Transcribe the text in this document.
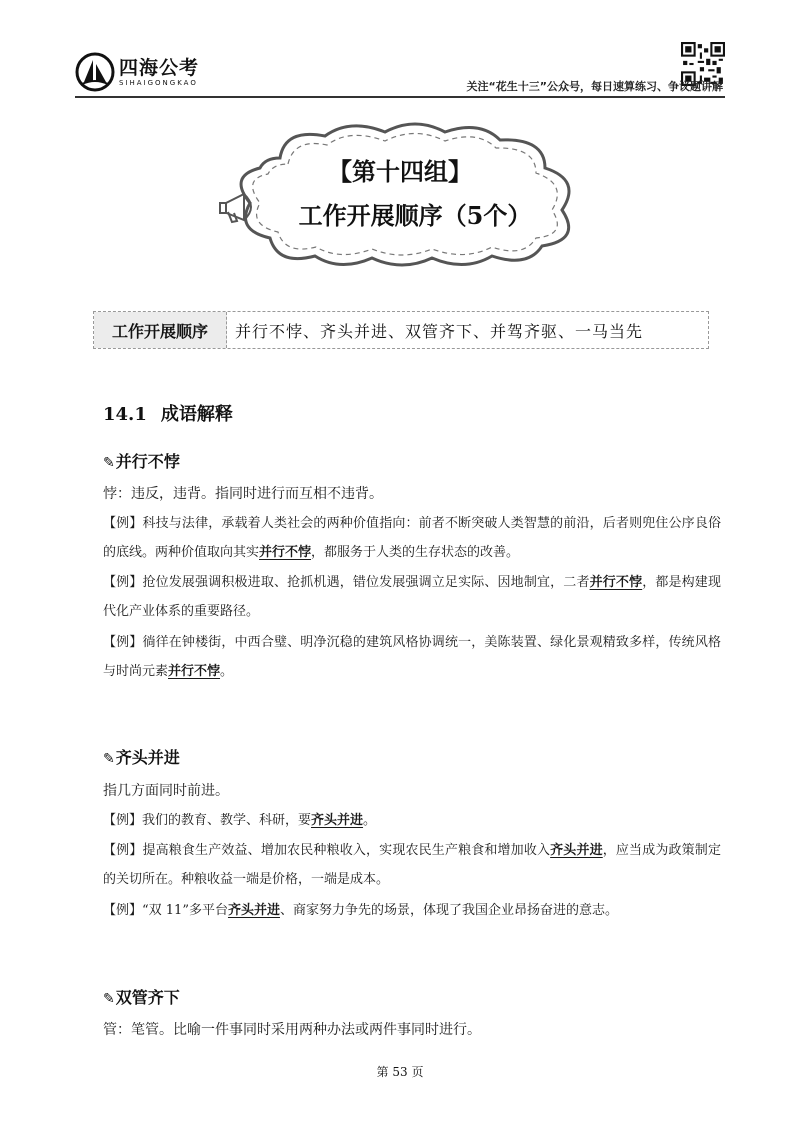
四海公考
SIHAIGONGKAO	关注“花生十三”公众号，每日速算练习、争议题讲解
【第十四组】
工作开展顺序（5个）
工作开展顺序	并行不悖、齐头并进、双管齐下、并驾齐驱、一马当先
14.1 成语解释
✎并行不悖
悖：违反，违背。指同时进行而互相不违背。
【例】科技与法律，承载着人类社会的两种价值指向：前者不断突破人类智慧的前沿，后者则兜住公序良俗的底线。两种价值取向其实并行不悖，都服务于人类的生存状态的改善。
【例】抢位发展强调积极进取、抢抓机遇，错位发展强调立足实际、因地制宜，二者并行不悖，都是构建现代化产业体系的重要路径。
【例】徜徉在钟楼街，中西合璧、明净沉稳的建筑风格协调统一，美陈装置、绿化景观精致多样，传统风格与时尚元素并行不悖。
✎齐头并进
指几方面同时前进。
【例】我们的教育、教学、科研，要齐头并进。
【例】提高粮食生产效益、增加农民种粮收入，实现农民生产粮食和增加收入齐头并进，应当成为政策制定的关切所在。种粮收益一端是价格，一端是成本。
【例】“双 11”多平台齐头并进、商家努力争先的场景，体现了我国企业昂扬奋进的意志。
✎双管齐下
管：笔管。比喻一件事同时采用两种办法或两件事同时进行。
第 53 页
